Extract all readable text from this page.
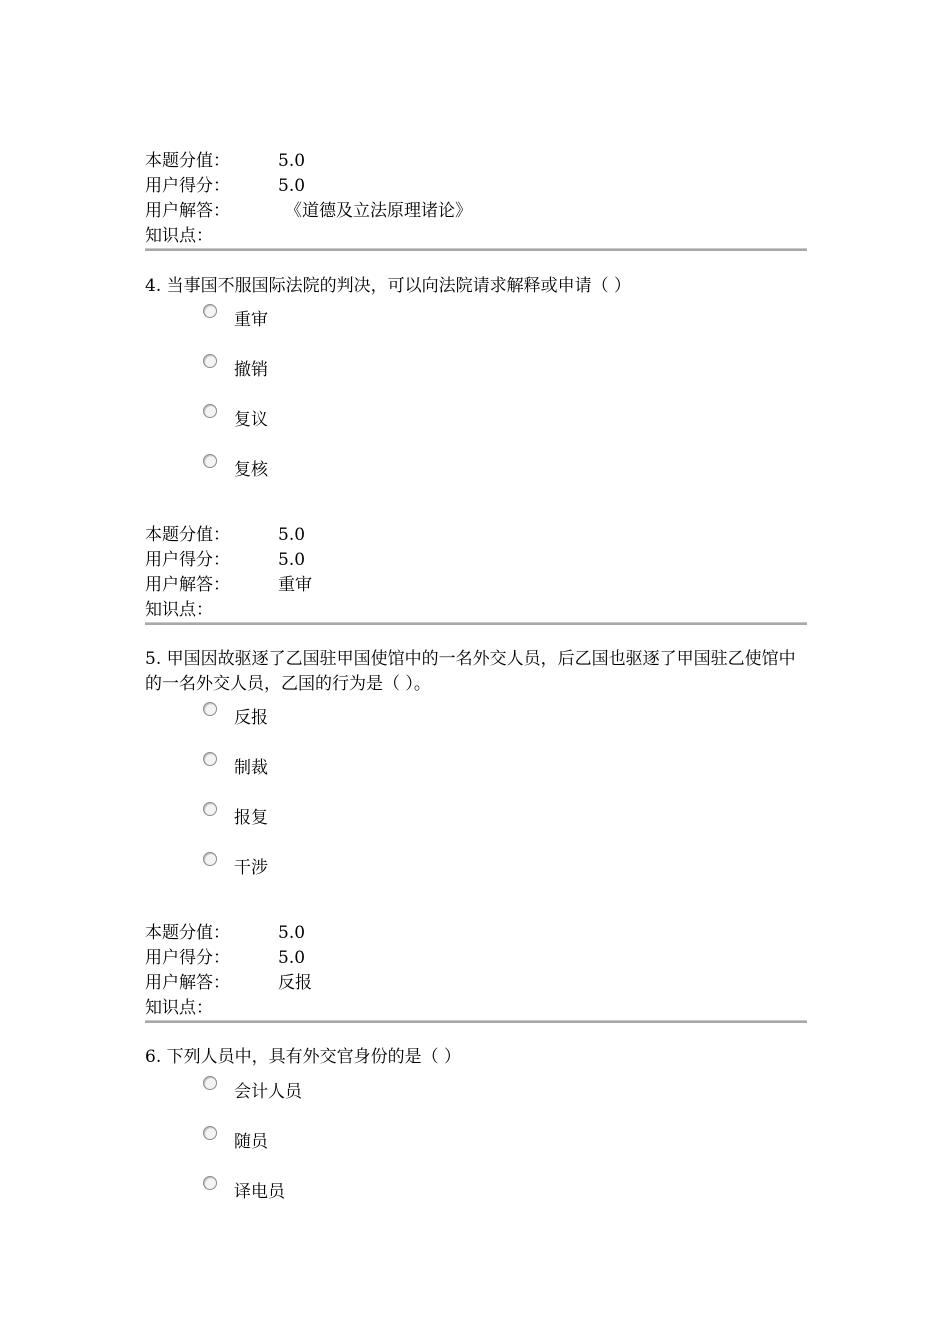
本题分值：	5.0
用户得分：	5.0
用户解答：	《道德及立法原理诸论》
知识点：
4. 当事国不服国际法院的判决，可以向法院请求解释或申请（ ）
重审
撤销
复议
复核
本题分值：	5.0
用户得分：	5.0
用户解答：	重审
知识点：
5. 甲国因故驱逐了乙国驻甲国使馆中的一名外交人员，后乙国也驱逐了甲国驻乙使馆中的一名外交人员，乙国的行为是（ ）。
反报
制裁
报复
干涉
本题分值：	5.0
用户得分：	5.0
用户解答：	反报
知识点：
6. 下列人员中，具有外交官身份的是（ ）
会计人员
随员
译电员
